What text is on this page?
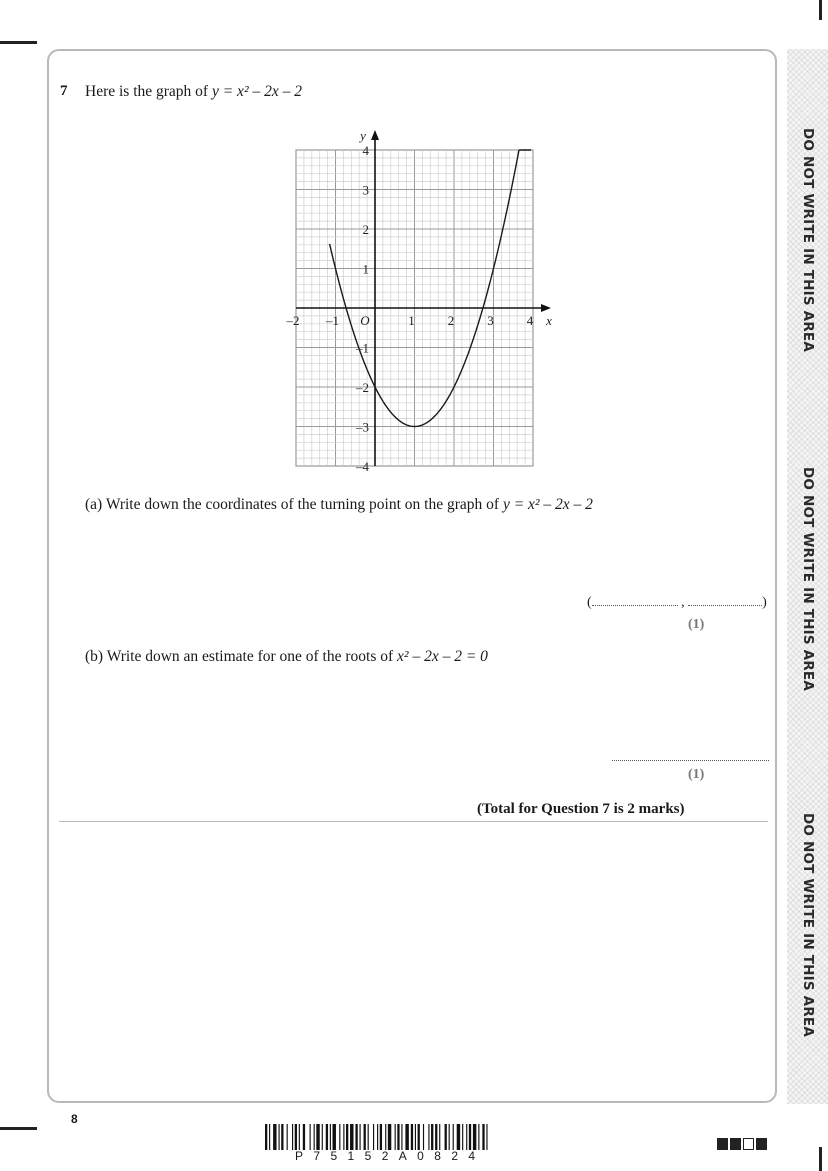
DO NOT WRITE IN THIS AREA
DO NOT WRITE IN THIS AREA
DO NOT WRITE IN THIS AREA
7 Here is the graph of y = x² – 2x – 2
–2 –1 O	1	2	3	4 x
4
3
2
1
–1
–2
–3
–4
y
(a) Write down the coordinates of the turning point on the graph of y = x² – 2x – 2
(	,	)
(1)
(b) Write down an estimate for one of the roots of x² – 2x – 2 = 0
(1)
(Total for Question 7 is 2 marks)
8
P75152A0824
